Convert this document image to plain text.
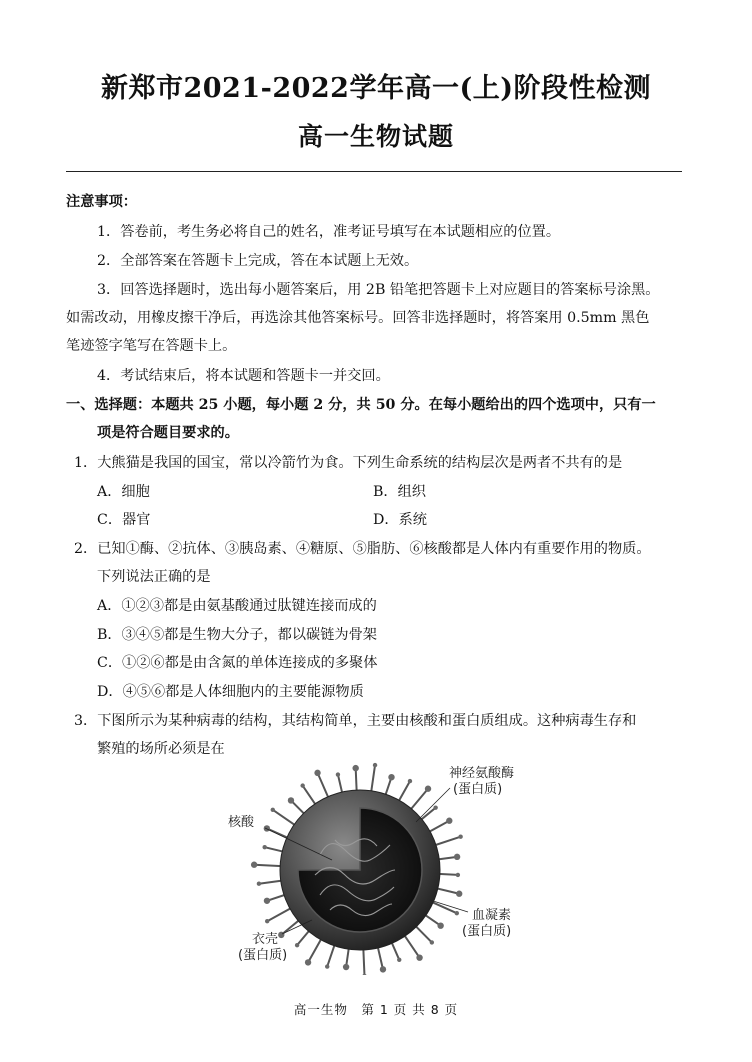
新郑市2021-2022学年高一(上)阶段性检测
高一生物试题
注意事项：
1．答卷前，考生务必将自己的姓名，准考证号填写在本试题相应的位置。
2．全部答案在答题卡上完成，答在本试题上无效。
3．回答选择题时，选出每小题答案后，用 2B 铅笔把答题卡上对应题目的答案标号涂黑。
如需改动，用橡皮擦干净后，再选涂其他答案标号。回答非选择题时，将答案用 0.5mm 黑色
笔迹签字笔写在答题卡上。
4．考试结束后，将本试题和答题卡一并交回。
一、选择题：本题共 25 小题，每小题 2 分，共 50 分。在每小题给出的四个选项中，只有一
项是符合题目要求的。
1．大熊猫是我国的国宝，常以冷箭竹为食。下列生命系统的结构层次是两者不共有的是
A．细胞	B．组织
C．器官	D．系统
2．已知①酶、②抗体、③胰岛素、④糖原、⑤脂肪、⑥核酸都是人体内有重要作用的物质。
下列说法正确的是
A．①②③都是由氨基酸通过肽键连接而成的
B．③④⑤都是生物大分子，都以碳链为骨架
C．①②⑥都是由含氮的单体连接成的多聚体
D．④⑤⑥都是人体细胞内的主要能源物质
3．下图所示为某种病毒的结构，其结构简单，主要由核酸和蛋白质组成。这种病毒生存和
繁殖的场所必须是在
核酸
神经氨酸酶
(蛋白质)
血凝素
(蛋白质)
衣壳
(蛋白质)
高一生物　第 1 页 共 8 页
